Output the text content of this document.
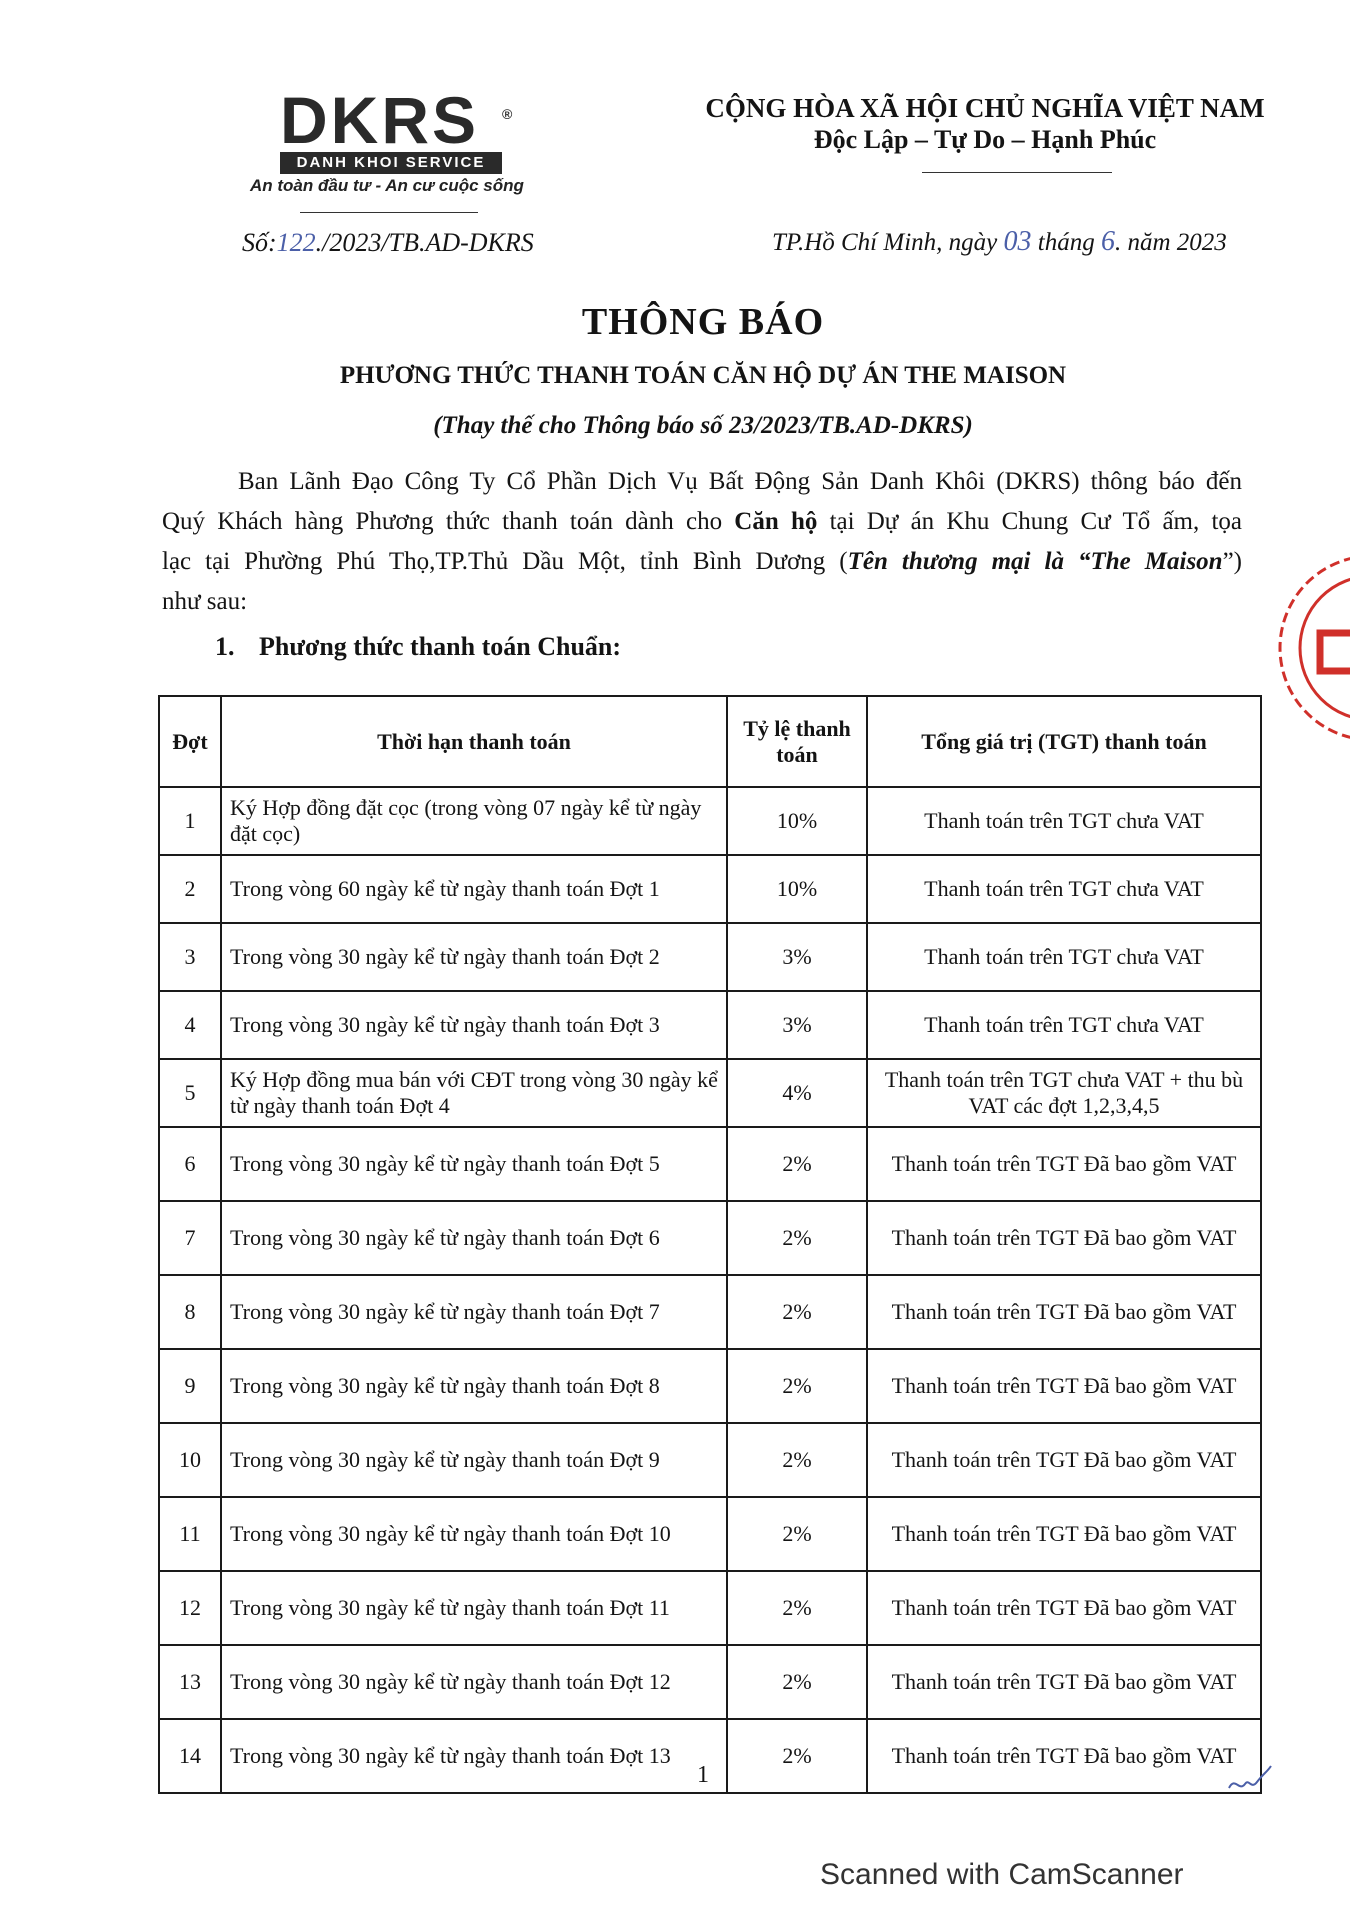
DKRS ®
DANH KHOI SERVICE
An toàn đầu tư - An cư cuộc sống
CỘNG HÒA XÃ HỘI CHỦ NGHĨA VIỆT NAM
Độc Lập – Tự Do – Hạnh Phúc
Số:122./2023/TB.AD-DKRS	TP.Hồ Chí Minh, ngày 03 tháng 6. năm 2023
THÔNG BÁO
PHƯƠNG THỨC THANH TOÁN CĂN HỘ DỰ ÁN THE MAISON
(Thay thế cho Thông báo số 23/2023/TB.AD-DKRS)

Ban Lãnh Đạo Công Ty Cổ Phần Dịch Vụ Bất Động Sản Danh Khôi (DKRS) thông báo đến

Quý Khách hàng Phương thức thanh toán dành cho Căn hộ tại Dự án Khu Chung Cư Tổ ấm, tọa

lạc tại Phường Phú Thọ,TP.Thủ Dầu Một, tỉnh Bình Dương (Tên thương mại là “The Maison”)

như sau:

1. Phương thức thanh toán Chuẩn:
Đợt	Thời hạn thanh toán	Tỷ lệ thanh toán	Tổng giá trị (TGT) thanh toán
1	Ký Hợp đồng đặt cọc (trong vòng 07 ngày kể từ ngày đặt cọc)	10%	Thanh toán trên TGT chưa VAT
2	Trong vòng 60 ngày kể từ ngày thanh toán Đợt 1	10%	Thanh toán trên TGT chưa VAT
3	Trong vòng 30 ngày kể từ ngày thanh toán Đợt 2	3%	Thanh toán trên TGT chưa VAT
4	Trong vòng 30 ngày kể từ ngày thanh toán Đợt 3	3%	Thanh toán trên TGT chưa VAT
5	Ký Hợp đồng mua bán với CĐT trong vòng 30 ngày kể từ ngày thanh toán Đợt 4	4%	Thanh toán trên TGT chưa VAT + thu bù VAT các đợt 1,2,3,4,5
6	Trong vòng 30 ngày kể từ ngày thanh toán Đợt 5	2%	Thanh toán trên TGT Đã bao gồm VAT
7	Trong vòng 30 ngày kể từ ngày thanh toán Đợt 6	2%	Thanh toán trên TGT Đã bao gồm VAT
8	Trong vòng 30 ngày kể từ ngày thanh toán Đợt 7	2%	Thanh toán trên TGT Đã bao gồm VAT
9	Trong vòng 30 ngày kể từ ngày thanh toán Đợt 8	2%	Thanh toán trên TGT Đã bao gồm VAT
10	Trong vòng 30 ngày kể từ ngày thanh toán Đợt 9	2%	Thanh toán trên TGT Đã bao gồm VAT
11	Trong vòng 30 ngày kể từ ngày thanh toán Đợt 10	2%	Thanh toán trên TGT Đã bao gồm VAT
12	Trong vòng 30 ngày kể từ ngày thanh toán Đợt 11	2%	Thanh toán trên TGT Đã bao gồm VAT
13	Trong vòng 30 ngày kể từ ngày thanh toán Đợt 12	2%	Thanh toán trên TGT Đã bao gồm VAT
14	Trong vòng 30 ngày kể từ ngày thanh toán Đợt 13	2%	Thanh toán trên TGT Đã bao gồm VAT
1
Scanned with CamScanner
